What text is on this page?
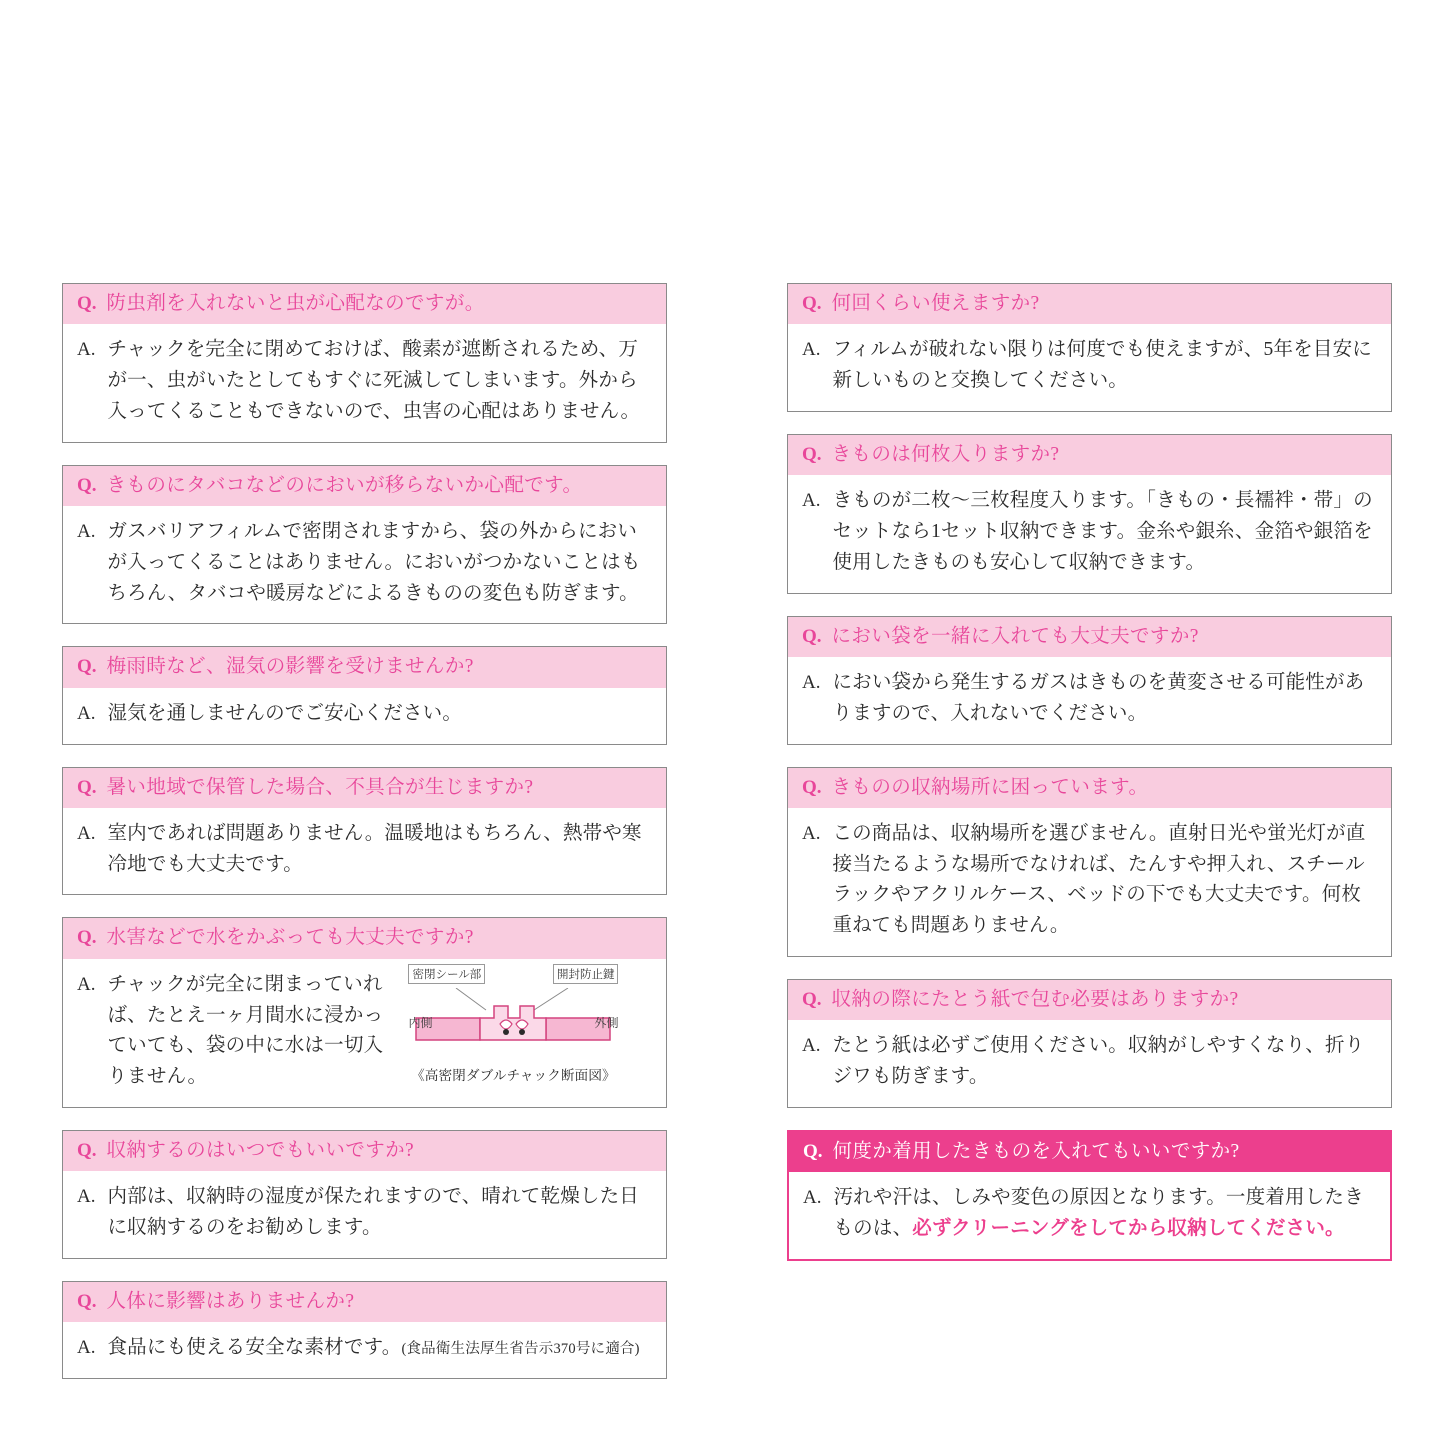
Q. 防虫剤を入れないと虫が心配なのですが。
A. チャックを完全に閉めておけば、酸素が遮断されるため、万が一、虫がいたとしてもすぐに死滅してしまいます。外から入ってくることもできないので、虫害の心配はありません。
Q. きものにタバコなどのにおいが移らないか心配です。
A. ガスバリアフィルムで密閉されますから、袋の外からにおいが入ってくることはありません。においがつかないことはもちろん、タバコや暖房などによるきものの変色も防ぎます。
Q. 梅雨時など、湿気の影響を受けませんか?
A. 湿気を通しませんのでご安心ください。
Q. 暑い地域で保管した場合、不具合が生じますか?
A. 室内であれば問題ありません。温暖地はもちろん、熱帯や寒冷地でも大丈夫です。
Q. 水害などで水をかぶっても大丈夫ですか?
A. チャックが完全に閉まっていれば、たとえ一ヶ月間水に浸かっていても、袋の中に水は一切入りません。
密閉シール部	開封防止鍵
内側	外側
《高密閉ダブルチャック断面図》
Q. 収納するのはいつでもいいですか?
A. 内部は、収納時の湿度が保たれますので、晴れて乾燥した日に収納するのをお勧めします。
Q. 人体に影響はありませんか?
A. 食品にも使える安全な素材です。(食品衛生法厚生省告示370号に適合)
Q. 何回くらい使えますか?
A. フィルムが破れない限りは何度でも使えますが、5年を目安に新しいものと交換してください。
Q. きものは何枚入りますか?
A. きものが二枚〜三枚程度入ります。「きもの・長襦袢・帯」のセットなら1セット収納できます。金糸や銀糸、金箔や銀箔を使用したきものも安心して収納できます。
Q. におい袋を一緒に入れても大丈夫ですか?
A. におい袋から発生するガスはきものを黄変させる可能性がありますので、入れないでください。
Q. きものの収納場所に困っています。
A. この商品は、収納場所を選びません。直射日光や蛍光灯が直接当たるような場所でなければ、たんすや押入れ、スチールラックやアクリルケース、ベッドの下でも大丈夫です。何枚重ねても問題ありません。
Q. 収納の際にたとう紙で包む必要はありますか?
A. たとう紙は必ずご使用ください。収納がしやすくなり、折りジワも防ぎます。
Q. 何度か着用したきものを入れてもいいですか?
A. 汚れや汗は、しみや変色の原因となります。一度着用したきものは、必ずクリーニングをしてから収納してください。
